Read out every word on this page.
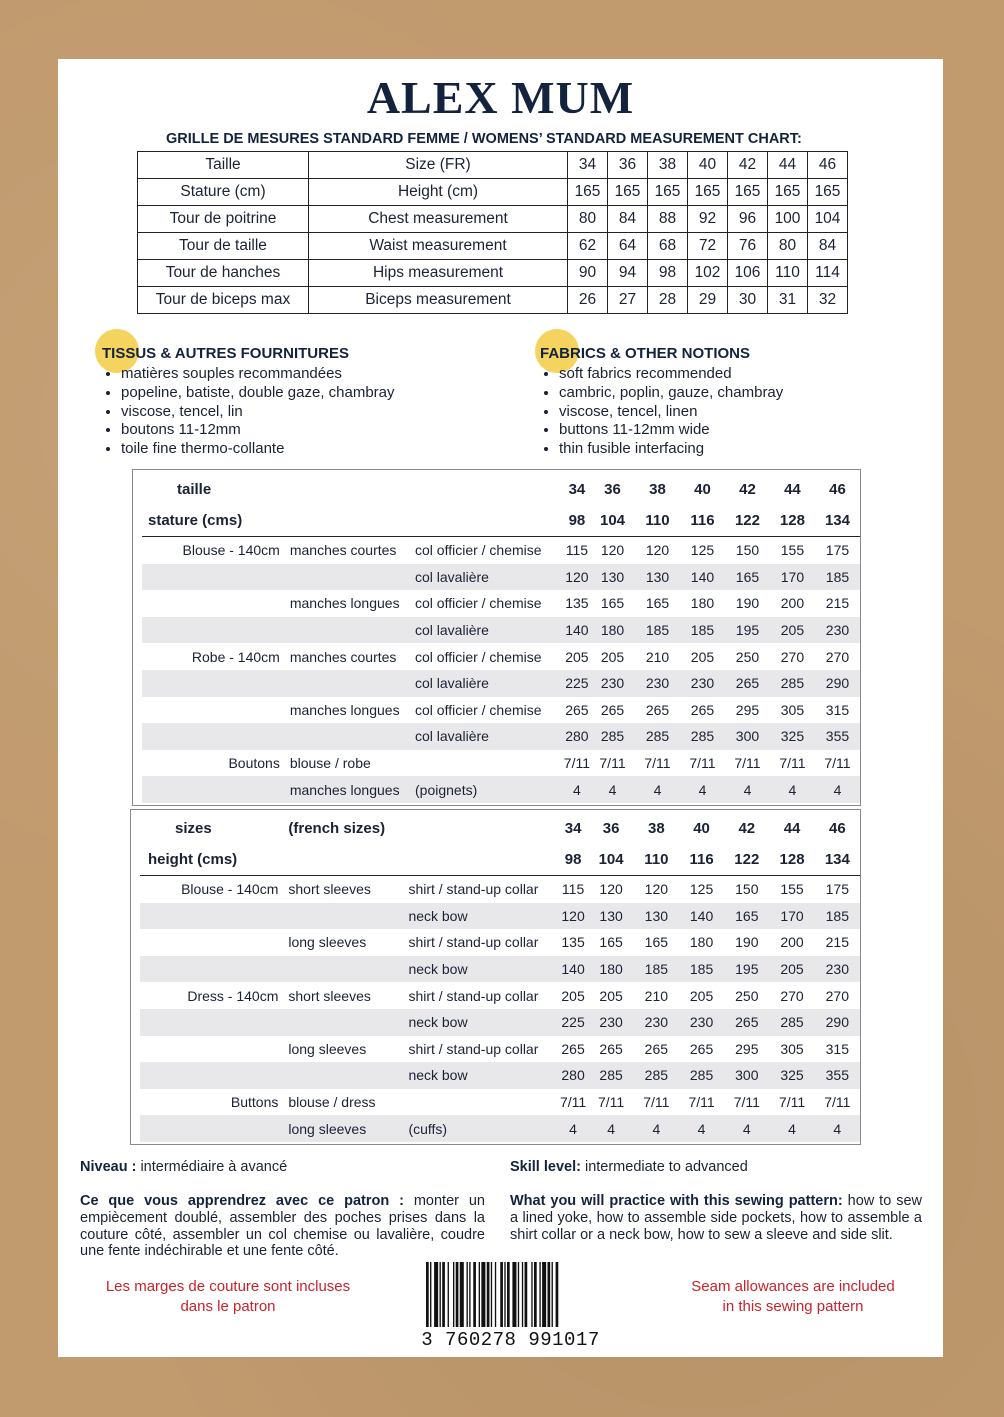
ALEX MUM
GRILLE DE MESURES STANDARD FEMME / WOMENS’ STANDARD MEASUREMENT CHART:
Taille	Size (FR)	34	36	38	40	42	44	46
Stature (cm)	Height (cm)	165	165	165	165	165	165	165
Tour de poitrine	Chest measurement	80	84	88	92	96	100	104
Tour de taille	Waist measurement	62	64	68	72	76	80	84
Tour de hanches	Hips measurement	90	94	98	102	106	110	114
Tour de biceps max	Biceps measurement	26	27	28	29	30	31	32
TISSUS & AUTRES FOURNITURES	FABRICS & OTHER NOTIONS
• matières souples recommandées
• popeline, batiste, double gaze, chambray
• viscose, tencel, lin
• boutons 11-12mm
• toile fine thermo-collante
• soft fabrics recommended
• cambric, poplin, gauze, chambray
• viscose, tencel, linen
• buttons 11-12mm wide
• thin fusible interfacing
taille			34	36	38	40	42	44	46
stature (cms)			98	104	110	116	122	128	134
Blouse - 140cm	manches courtes	col officier / chemise	115	120	120	125	150	155	175
		col lavalière	120	130	130	140	165	170	185
	manches longues	col officier / chemise	135	165	165	180	190	200	215
		col lavalière	140	180	185	185	195	205	230
Robe - 140cm	manches courtes	col officier / chemise	205	205	210	205	250	270	270
		col lavalière	225	230	230	230	265	285	290
	manches longues	col officier / chemise	265	265	265	265	295	305	315
		col lavalière	280	285	285	285	300	325	355
Boutons	blouse / robe		7/11	7/11	7/11	7/11	7/11	7/11	7/11
	manches longues	(poignets)	4	4	4	4	4	4	4
sizes	(french sizes)		34	36	38	40	42	44	46
height (cms)			98	104	110	116	122	128	134
Blouse - 140cm	short sleeves	shirt / stand-up collar	115	120	120	125	150	155	175
		neck bow	120	130	130	140	165	170	185
	long sleeves	shirt / stand-up collar	135	165	165	180	190	200	215
		neck bow	140	180	185	185	195	205	230
Dress - 140cm	short sleeves	shirt / stand-up collar	205	205	210	205	250	270	270
		neck bow	225	230	230	230	265	285	290
	long sleeves	shirt / stand-up collar	265	265	265	265	295	305	315
		neck bow	280	285	285	285	300	325	355
Buttons	blouse / dress		7/11	7/11	7/11	7/11	7/11	7/11	7/11
	long sleeves	(cuffs)	4	4	4	4	4	4	4
Niveau : intermédiaire à avancé	Skill level: intermediate to advanced
Ce que vous apprendrez avec ce patron : monter un empiècement doublé, assembler des poches prises dans la couture côté, assembler un col chemise ou lavalière, coudre une fente indéchirable et une fente côté.
What you will practice with this sewing pattern: how to sew a lined yoke, how to assemble side pockets, how to assemble a shirt collar or a neck bow, how to sew a sleeve and side slit.
Les marges de couture sont incluses
dans le patron
Seam allowances are included
in this sewing pattern
3 760278 991017
